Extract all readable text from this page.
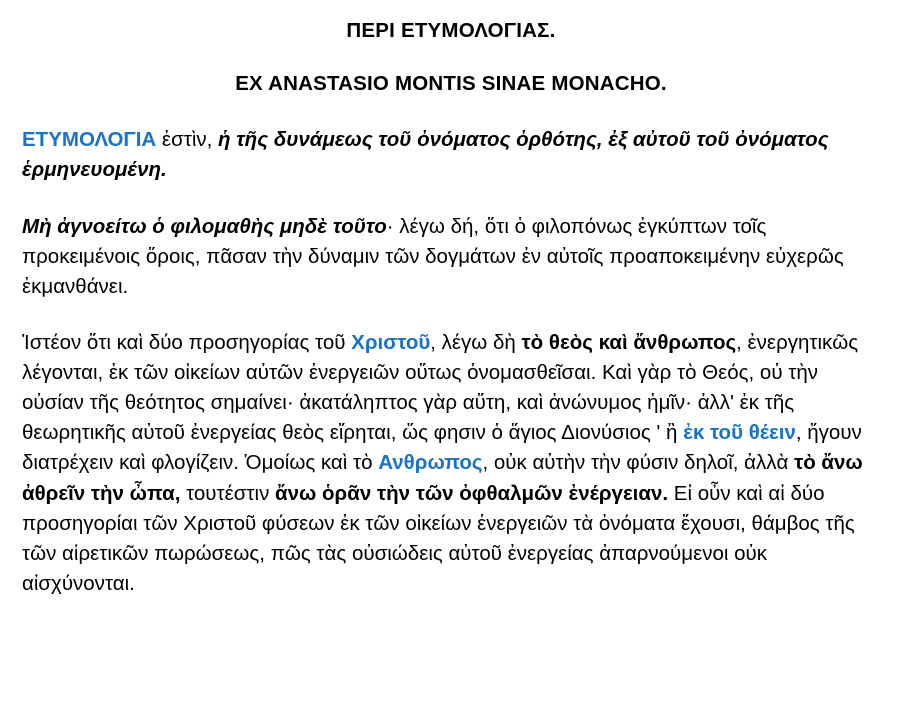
ΠΕΡΙ ΕΤΥΜΟΛΟΓΙΑΣ.
EX ANASTASIO MONTIS SINAE MONACHO.

ΕΤΥΜΟΛΟΓΙΑ ἐστὶν, ἡ τῆς δυνάμεως τοῦ ὀνόματος ὀρθότης, ἐξ αὐτοῦ τοῦ ὀνόματος ἑρμηνευομένη.

Μὴ ἀγνοείτω ὁ φιλομαθὴς μηδὲ τοῦτο· λέγω δή, ὅτι ὁ φιλοπόνως ἐγκύπτων τοῖς προκειμένοις ὅροις, πᾶσαν τὴν δύναμιν τῶν δογμάτων ἐν αὐτοῖς προαποκειμένην εὐχερῶς ἐκμανθάνει.

Ἰστέον ὅτι καὶ δύο προσηγορίας τοῦ Χριστοῦ, λέγω δὴ τὸ θεὸς καὶ ἄνθρωπος, ἐνεργητικῶς λέγονται, ἐκ τῶν οἰκείων αὐτῶν ἐνεργειῶν οὕτως ὀνομασθεῖσαι. Καὶ γὰρ τὸ Θεός, οὐ τὴν οὐσίαν τῆς θεότητος σημαίνει· ἀκατάληπτος γὰρ αὕτη, καὶ ἀνώνυμος ἡμῖν· ἀλλ' ἐκ τῆς θεωρητικῆς αὐτοῦ ἐνεργείας θεὸς εἴρηται, ὥς φησιν ὁ ἅγιος Διονύσιος ' ἢ ἐκ τοῦ θέειν, ἤγουν διατρέχειν καὶ φλογίζειν. Ὁμοίως καὶ τὸ Ανθρωπος, οὐκ αὐτὴν τὴν φύσιν δηλοῖ, ἀλλὰ τὸ ἄνω ἀθρεῖν τὴν ὦπα, τουτέστιν ἄνω ὁρᾶν τὴν τῶν ὀφθαλμῶν ἐνέργειαν. Εἰ οὖν καὶ αἱ δύο προσηγορίαι τῶν Χριστοῦ φύσεων ἐκ τῶν οἰκείων ἐνεργειῶν τὰ ὀνόματα ἔχουσι, θάμβος τῆς τῶν αἱρετικῶν πωρώσεως, πῶς τὰς οὐσιώδεις αὐτοῦ ἐνεργείας ἀπαρνούμενοι οὐκ αἰσχύνονται.
